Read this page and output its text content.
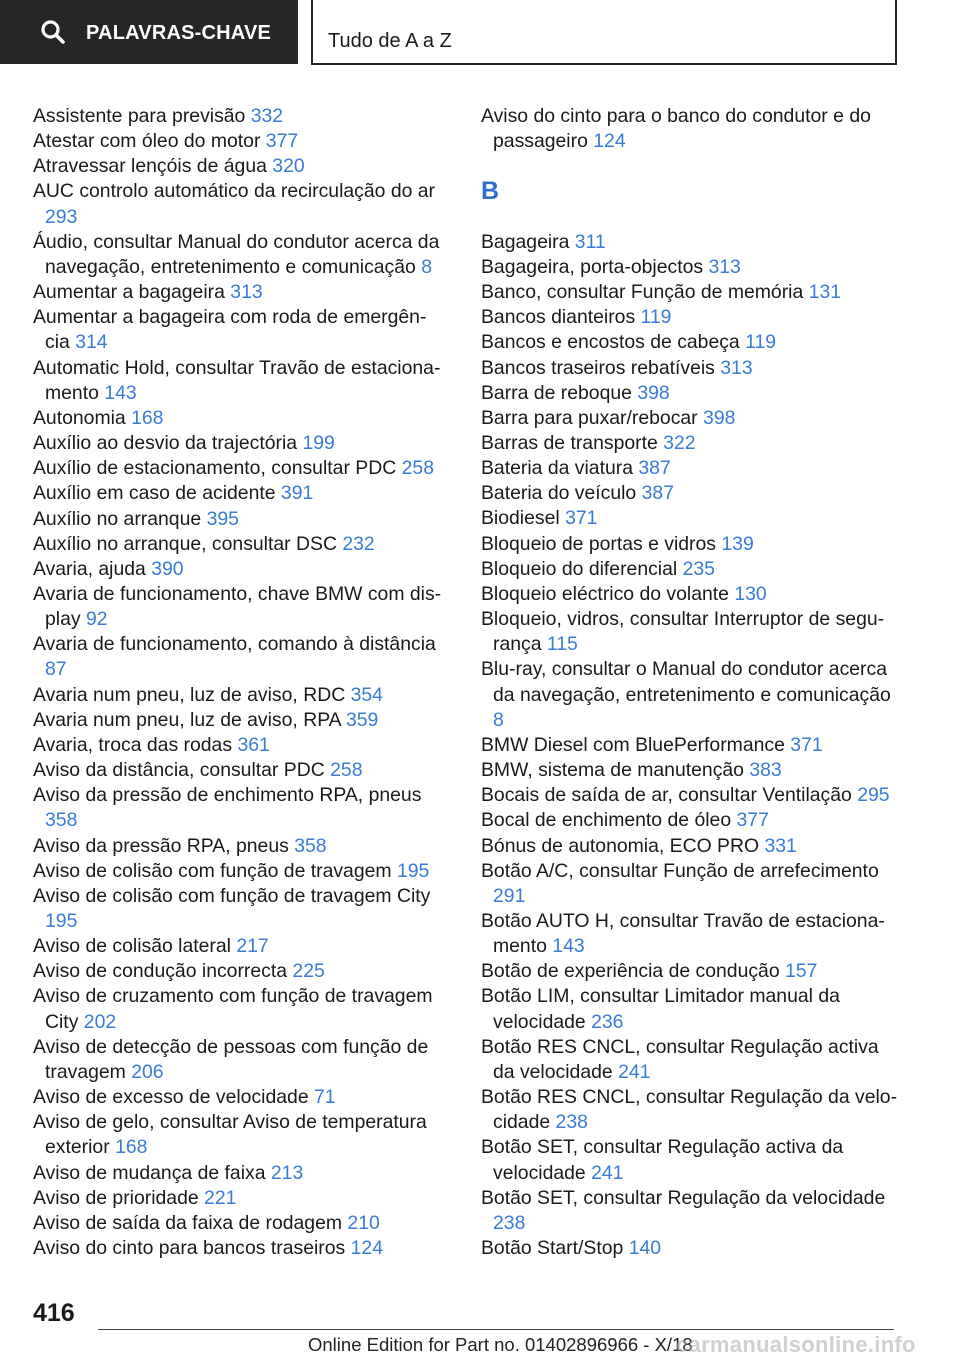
PALAVRAS-CHAVE	Tudo de A a Z

Assistente para previsão 332

Atestar com óleo do motor 377

Atravessar lençóis de água 320

AUC controlo automático da recirculação do ar 293

Áudio, consultar Manual do condutor acerca da navegação, entretenimento e comunicação 8

Aumentar a bagageira 313

Aumentar a bagageira com roda de emergência 314

Automatic Hold, consultar Travão de estacionamento 143

Autonomia 168

Auxílio ao desvio da trajectória 199

Auxílio de estacionamento, consultar PDC 258

Auxílio em caso de acidente 391

Auxílio no arranque 395

Auxílio no arranque, consultar DSC 232

Avaria, ajuda 390

Avaria de funcionamento, chave BMW com display 92

Avaria de funcionamento, comando à distância 87

Avaria num pneu, luz de aviso, RDC 354

Avaria num pneu, luz de aviso, RPA 359

Avaria, troca das rodas 361

Aviso da distância, consultar PDC 258

Aviso da pressão de enchimento RPA, pneus 358

Aviso da pressão RPA, pneus 358

Aviso de colisão com função de travagem 195

Aviso de colisão com função de travagem City 195

Aviso de colisão lateral 217

Aviso de condução incorrecta 225

Aviso de cruzamento com função de travagem City 202

Aviso de detecção de pessoas com função de travagem 206

Aviso de excesso de velocidade 71

Aviso de gelo, consultar Aviso de temperatura exterior 168

Aviso de mudança de faixa 213

Aviso de prioridade 221

Aviso de saída da faixa de rodagem 210

Aviso do cinto para bancos traseiros 124

Aviso do cinto para o banco do condutor e do passageiro 124

B

Bagageira 311

Bagageira, porta-objectos 313

Banco, consultar Função de memória 131

Bancos dianteiros 119

Bancos e encostos de cabeça 119

Bancos traseiros rebatíveis 313

Barra de reboque 398

Barra para puxar/rebocar 398

Barras de transporte 322

Bateria da viatura 387

Bateria do veículo 387

Biodiesel 371

Bloqueio de portas e vidros 139

Bloqueio do diferencial 235

Bloqueio eléctrico do volante 130

Bloqueio, vidros, consultar Interruptor de segurança 115

Blu-ray, consultar o Manual do condutor acerca da navegação, entretenimento e comunicação 8

BMW Diesel com BluePerformance 371

BMW, sistema de manutenção 383

Bocais de saída de ar, consultar Ventilação 295

Bocal de enchimento de óleo 377

Bónus de autonomia, ECO PRO 331

Botão A/C, consultar Função de arrefecimento 291

Botão AUTO H, consultar Travão de estacionamento 143

Botão de experiência de condução 157

Botão LIM, consultar Limitador manual da velocidade 236

Botão RES CNCL, consultar Regulação activa da velocidade 241

Botão RES CNCL, consultar Regulação da velocidade 238

Botão SET, consultar Regulação activa da velocidade 241

Botão SET, consultar Regulação da velocidade 238

Botão Start/Stop 140

416
Online Edition for Part no. 01402896966 - X/18
carmanualsonline.info
